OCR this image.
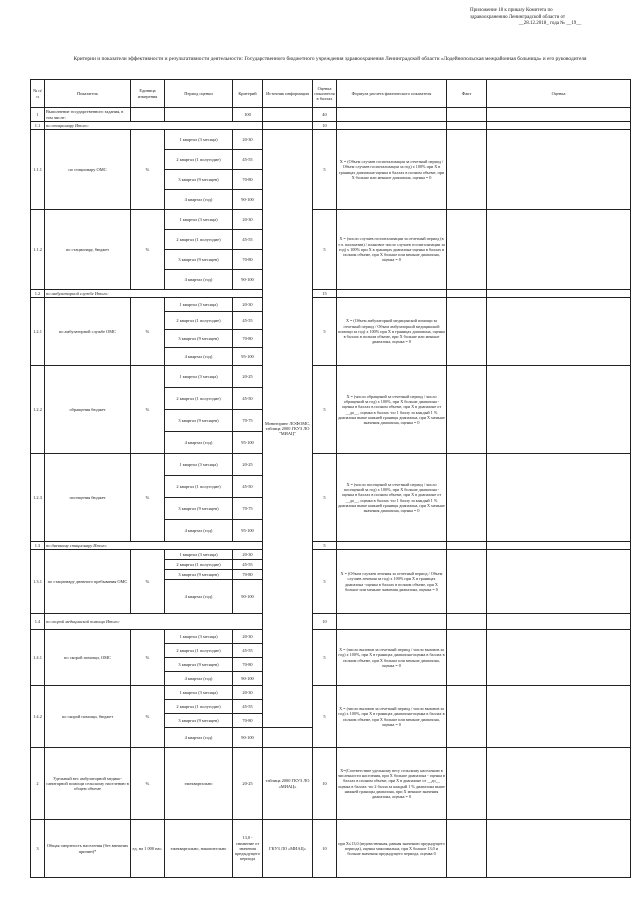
Приложение 18 к приказу Комитета по
здравоохранению Ленинградской области от
__28.12.2018_ года № __19__
Критерии и показатели эффективности и результативности деятельности: Государственного бюджетного учреждения здравоохранения Ленинградской области «Лодейнопольская межрайонная больница» и его руководителя
№ п/п	Показатель	Единица измерения	Период оценки	Критерий	Источник информации	Оценка показателя в баллах	Формула расчета фактического показателя	Факт	Оценка
1	Выполнение государственного задания, в том числе:			100		40			
1.1	по стационару Итого:					10			
1.1.1	по стационару ОМС	%	1 квартал (3 месяца)	20-30	Мониторинг ЛОФОМС, таблица 2000 ГКУЗ ЛО "МИАЦ"	5	X = (Объем случаев госпитализации за отчетный период / Объем случаев госпитализации за год) х 100% при X в границах диапазона-оценка в баллах в полном объеме, при X больше или меньше диапазона, оценка = 0		
			2 квартал (1 полугодие)	45-55					
			3 квартал (9 месяцев)	70-80					
			4 квартал (год)	90-100					
1.1.2	по стационару, бюджет	%	1 квартал (3 месяца)	20-30		5	X = (число случаев госпитализации за отчетный период (в т.ч. паллиатив) / плановое число случаев госпитализации за год) х 100% при X в границах диапазона-оценка в баллах в полном объеме, при X больше или меньше диапазона, оценка = 0		
			2 квартал (1 полугодие)	45-55					
			3 квартал (9 месяцев)	70-80					
			4 квартал (год)	90-100					
1.2	по амбулаторной службе Итого:					15			
1.2.1	по амбулаторной службе ОМС	%	1 квартал (3 месяца)	20-30		5	X = (Объем амбулаторной медицинской помощи за отчетный период / Объем амбулаторной медицинской помощи за год) х 100% при X в границах диапазона, оценка в баллах в полном объеме, при X больше или меньше диапазона, оценка = 0		
			2 квартал (1 полугодие)	45-55					
			3 квартал (9 месяцев)	70-80					
			4 квартал (год)	95-100					
1.2.2	обращения бюджет	%	1 квартал (3 месяца)	20-25		5	X = (число обращений за отчетный период / число обращений за год) х 100%, при X больше диапазона - оценка в баллах в полном объеме, при X в диапазоне от __до__, оценка в баллах -по 1 баллу за каждый 1 % диапазона выше нижней границы диапазона, при X меньше значения диапазона, оценка = 0		
			2 квартал (1 полугодие)	45-50					
			3 квартал (9 месяцев)	70-75					
			4 квартал (год)	95-100					
1.2.3	посещения бюджет	%	1 квартал (3 месяца)	20-25		5	X = (число посещений за отчетный период / число посещений за год) х 100%, при X больше диапазона - оценка в баллах в полном объеме, при X в диапазоне от __до__, оценка в баллах -по 1 баллу за каждый 1 % диапазона выше нижней границы диапазона, при X меньше значения диапазона, оценка = 0		
			2 квартал (1 полугодие)	45-50					
			3 квартал (9 месяцев)	70-75					
			4 квартал (год)	95-100					
1.3	по дневному стационару Итого:					5			
1.3.1	по стационару дневного пребывания ОМС	%	1 квартал (3 месяца)	20-30		5	X = (Объем случаев лечения за отчетный период / Объем случаев лечения за год) х 100% при X в границах диапазона -оценка в баллах в полном объеме, при X больше или меньше значения диапазона, оценка = 0		
			2 квартал (1 полугодие)	45-55					
			3 квартал (9 месяцев)	70-80					
			4 квартал (год)	90-100					
1.4	по скорой медицинской помощи Итого:					10			
1.4.1	по скорой помощи, ОМС	%	1 квартал (3 месяца)	20-30		5	X = (число вызовов за отчетный период / число вызовов за год) х 100%, при X в границах диапазона-оценка в баллах в полном объеме, при X больше или меньше диапазона, оценка = 0		
			2 квартал (1 полугодие)	45-55					
			3 квартал (9 месяцев)	70-80					
			4 квартал (год)	90-100					
1.4.2	по скорой помощи, бюджет	%	1 квартал (3 месяца)	20-30		5	X = (число вызовов за отчетный период / число вызовов за год) х 100%, при X в границах диапазона-оценка в баллах в полном объеме, при X больше или меньше диапазона, оценка = 0		
			2 квартал (1 полугодие)	45-55					
			3 квартал (9 месяцев)	70-80					
			4 квартал (год)	90-100					
2	Удельный вес амбулаторной медико-санитарной помощи сельскому населению в общем объеме	%	ежеквартально	20-25	таблица 2000 ГКУЗ ЛО «МИАЦ»	10	X=(Соответствие удельному весу сельскому населению в численности населения, при X больше диапазона - оценка в баллах в полном объеме, при X в диапазоне от __до__ оценка в баллах -по 2 балла за каждый 1 % диапазона выше нижней границы диапазона, при X меньше значения диапазона, оценка = 0		
3	Общая смертность населения (без внешних причин)*	ед. на 1 000 нас.	ежеквартально, накопительно	13,0 - снижение от значения предыдущего периода	ГКУЗ ЛО «МИАЦ»	10	при X≤13,0 (ведомственная, равная значению предыдущего периода), оценка максимальна, при X больше 13,0 и больше значения предыдущего периода, оценка 0		
